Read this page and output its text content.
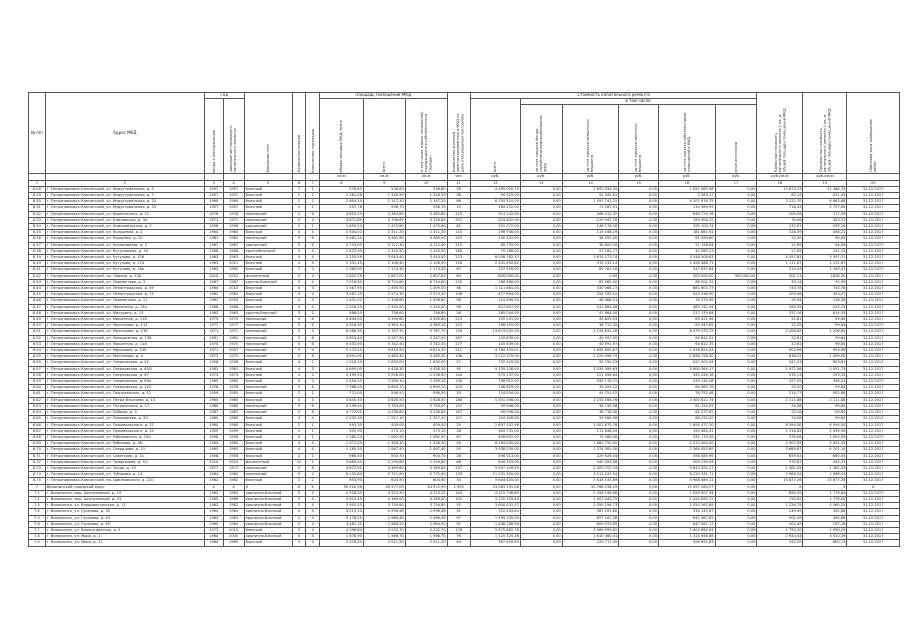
№ п/п	Адрес МКД	Год		Материал стен	Количество этажей	Количество подъездов	Площадь помещений МКД			Количество жителей, зарегистрированных в МКД на дату утверждения программы	Стоимость капитального ремонта						Удельная стоимость капитального ремонта 1 кв. м общей площади помещений МКД	Предельная стоимость капитального ремонта 1 кв. м общей площади помещений МКД	Плановая дата завершения работ

		ввода в эксплуатацию	завершение последнего капитального ремонта				общая площадь МКД, всего	всего	в том числе жилых помещений, находящихся в собственности граждан		всего	в том числе:							

												за счет средств Фонда содействия реформированию ЖКХ	за счет средств областного бюджета	за счет средств местного бюджета	за счет средств собственников помещений в МКД	иные источники			

							кв.м	кв.м	кв.м	чел.	руб.	руб.	руб.	руб.	руб.	руб.	руб./кв.м	руб./кв.м	
1	2	3	4	5	6	7	8	9	10	11	12	13	14	15	16	17	18	19	20
6.28	г. Петропавловск-Камчатский, ул. Индустриальная, д. 5	1957	1957	блочный	2	1	576,60	538,60	538,60	26	4 499 000,33	0,00	2 847 034,35	0,00	1 851 965,98	0,00	12 673,23	21 386,79	31.12.2017
6.29	г. Петропавловск-Камчатский, ул. Индустриальная, д. 7	1957	1957	блочный	2	2	1 561,06	1 326,59	1 326,59	38	94 929,00	0,00	92 345,81	0,00	2 583,17	0,00	62,19	421,49	31.12.2017
6.30	г. Петропавловск-Камчатский, ул. Индустриальная, д. 32	1969	1969	блочный	2	2	2 604,10	2 147,20	2 147,20	66	6 705 510,00	0,00	2 597 743,25	0,00	4 107 976,75	0,00	3 122,70	6 663,88	31.12.2017
6.31	г. Петропавловск-Камчатский, ул. Индустриальная, д. 33	1957	1957	блочный	2	1	297,76	256,70	256,70	15	184 252,00	0,00	73 262,91	0,00	110 989,09	0,00	716,43	2 727,64	31.12.2017
6.32	г. Петропавловск-Камчатский, ул. Карпинского, д. 12	1976	1976	панельный	5	6	4 893,29	4 363,80	3 482,80	215	913 142,00	0,00	266 412,32	0,00	646 729,76	0,00	209,26	717,09	31.12.2017
6.33	г. Петропавловск-Камчатский, ул. Ключевская, д. 34	1971	1971	панельный	5	4	3 871,89	3 796,69	3 356,60	207	324 452,00	0,00	129 547,78	0,00	194 904,22	0,00	76,06	303,37	31.12.2017
6.34	г. Петропавловск-Камчатский, ул. Комсомольская, д. 2	1956	1956	кирпичный	2	1	1 659,20	1 470,80	1 470,80	62	341 272,00	0,00	146 176,26	0,00	195 100,74	0,00	231,91	295,26	31.12.2017
6.35	г. Петропавловск-Камчатский, ул. Кольцевая, д. 2	1964	1964	блочный	4	4	2 504,02	2 311,20	2 311,20	114	296 936,00	0,00	115 048,29	0,00	181 887,61	0,00	128,39	458,21	31.12.2017
6.36	г. Петропавловск-Камчатский, ул. Королёва, д. 20	1981	1981	панельный	5	6	4 481,10	4 485,90	4 485,90	225	100 452,00	0,00	38 552,40	0,00	61 399,60	0,00	22,50	99,84	31.12.2017
6.37	г. Петропавловск-Камчатский, ул. Космонавтов, д. 3	1967	1967	кирпичный	5	6	4 723,00	4 112,40	4 112,40	219	89 759,00	0,00	38 600,16	0,00	51 158,84	0,00	21,69	94,06	31.12.2017
6.38	г. Петропавловск-Камчатский, ул. Кутузовская, д. 34	1968	1968	крупноблочный	5	4	2 637,90	2 325,50	2 325,50	160	70 168,00	0,00	27 182,77	0,00	42 985,23	0,00	27,69	101,15	31.12.2017
6.39	г. Петропавловск-Камчатский, ул. Кутузова, д. 126	1963	1963	блочный	4	4	3 255,56	3 043,40	3 043,40	223	6 058 782,37	0,00	3 619 273,74	0,00	3 548 508,63	0,00	4 597,81	5 397,51	31.12.2017
6.40	г. Петропавловск-Камчатский, ул. Кутузова, д. 174	1963	2011	блочный	4	4	2 331,45	2 106,40	2 106,40	118	2 341 650,82	0,00	915 233,14	0,00	1 426 388,71	0,00	1 111,67	1 111,67	31.12.2017
6.41	г. Петропавловск-Камчатский, ул. Кутузова, д. 18а	1962	1962	блочный	2	2	1 383,90	1 174,30	1 174,30	67	337 599,00	0,00	89 761,16	0,00	247 837,84	0,00	215,43	1 163,47	31.12.2017
6.42	г. Петропавловск-Камчатский, пр. Ларина, д. 22б	2010	2010	монолитный	5	4	2 652,28	2 657,00	2 657,00	84	800 000,00	0,00	0,00	0,00	300 000,00	500 000,00	301,11	1826,30	31.12.2017
6.43	г. Петропавловск-Камчатский, ул. Лермонтова, д. 3	1987	1987	крупно-блочный	5	4	7 018,60	6 724,80	6 724,80	255	168 486,00	0,00	65 985,00	0,00	66 501,32	0,00	35,14	92,99	31.12.2017
6.44	г. Петропавловск-Камчатский, ул. Ленинградская, д. 39	1964	2010	блочный	4	3	1 567,95	1 495,50	1 495,50	96	1 111 681,00	0,00	430 068,27	0,00	681 603,73	0,00	743,78	743,78	31.12.2017
6.45	г. Петропавловск-Камчатский, ул. Ленинградская, д. 74	1962	1962	блочный	4	4	3 067,15	2 574,30	2 574,30	198	677 894,00	0,00	254 355,10	0,00	423 538,90	0,00	209,98	303,07	31.12.2017
6.46	г. Петропавловск-Камчатский, ул. Лермонтова, д. 11	1961	2009	блочный	4	4	1 431,02	1 308,60	1 308,60	96	124 856,00	0,00	48 368,01	0,00	76 475,99	0,00	95,94	118,28	31.12.2017
6.47	г. Петропавловск-Камчатский, ул. Мишенная, д. 74а	1968	1968	блочный	4	4	2 526,10	2 330,00	2 330,00	96	627 607,00	0,00	141 864,06	0,00	485 742,94	0,00	269,35	515,22	31.12.2017
6.48	г. Петропавловск-Камчатский, ул. Мичурина, д. 13	1963	1963	крупно-блочный	3	2	886,50	756,60	756,60	58	265 044,00	0,00	47 864,00	0,00	217 179,84	0,00	337,16	614,55	31.12.2017
6.49	г. Петропавловск-Камчатский, ул. Мишенная, д. 118	1979	1979	панельный	5	6	4 844,00	4 390,60	4 390,60	223	109 251,00	0,00	39 829,03	0,00	69 421,96	0,00	22,81	99,84	31.12.2017
6.50	г. Петропавловск-Камчатский, ул. Молчанова, д. 112	1977	1977	панельный	5	6	4 918,30	4 363,10	4 363,10	225	108 355,00	0,00	38 711,35	0,00	69 343,65	0,00	22,55	99,84	31.12.2017
6.51	г. Петропавловск-Камчатский, ул. Молчанова, д. 136	1971	1971	панельный	5	4	6 066,30	5 767,70	5 767,70	139	13 674 032,00	0,00	5 194 832,28	0,00	8 479 479,72	0,00	2 206,62	2 206,62	31.12.2017
6.52	г. Петропавловск-Камчатский, ул. Молодежная, д. 138	1981	1981	панельный	5	6	4 623,40	4 247,50	4 247,50	267	105 839,00	0,00	40 997,00	0,00	64 841,51	0,00	22,81	99,84	31.12.2017
6.53	г. Петропавловск-Камчатский, ул. Мишенная, д. 118	1975	1975	панельный	5	6	4 433,90	3 742,40	3 742,40	277	105 839,00	0,00	40 591,97	0,00	64 622,35	0,00	22,81	99,84	31.12.2017
6.54	г. Петропавловск-Камчатский, ул. Мирошева, д. 130	1971	2007	панельный	5	4	5 272,55	4 834,50	4 814,30	211	4 764 439,01	0,00	1 845 695,87	0,00	2 918 624,93	0,00	903,96	903,96	31.12.2017
6.55	г. Петропавловск-Камчатский, ул. Молчанова, д. 4	1972	1972	панельный	5	6	4 891,00	4 485,30	4 485,30	136	3 122 379,00	0,00	1 225 096,70	0,00	1 896 728,30	0,00	638,25	1 009,00	31.12.2017
6.56	г. Петропавловск-Камчатский, ул. Озерновская, д. 52	1958	1958	блочный	4	2	1 918,20	1 630,00	1 630,00	57	732 429,00	0,00	93 750,33	0,00	622 902,44	0,00	447,23	853,81	31.12.2017
6.57	г. Петропавловск-Камчатский, ул. Озерновская, д. 63/1	1981	1981	блочный	4	3	4 695,00	4 426,30	4 426,30	90	9 139 228,00	0,00	3 539 399,63	0,00	5 600 364,17	0,00	1 972,56	2 051,73	31.12.2017
6.58	г. Петропавловск-Камчатский, ул. Озерновская, д. 67	1973	1973	блочный	4	2	2 499,20	2 258,00	2 258,00	144	575 137,00	0,00	221 556,84	0,00	350 026,16	0,00	235,13	293,33	31.12.2017
6.59	г. Петропавловск-Камчатский, ул. Озерновская, д. 69а	1965	1965	блочный	4	2	2 454,20	2 289,10	2 289,10	130	758 912,00	0,00	339 176,72	0,00	419 135,28	0,00	327,05	398,24	31.12.2017
6.60	г. Петропавловск-Камчатский, ул. Озерновская, д. 102	1978	1978	панельный	5	6	7 366,20	4 690,70	4 690,70	223	108 829,00	0,00	39 459,22	0,00	69 369,78	0,00	23,20	99,84	31.12.2017
6.61	г. Петропавловск-Камчатский, ул. Партизанская, д. 12	1959	1959	блочный	2	1	722,00	596,50	596,50	33	124 504,00	0,00	45 751,52	0,00	78 752,48	0,00	214,77	502,88	31.12.2017
6.62	г. Петропавловск-Камчатский, ул. Петра Ильичева, д. 15	1965	1965	блочный	4	4	3 845,30	2 628,50	2 628,50	186	5 551 058,00	0,00	2 150 166,76	0,00	3 400 622,74	0,00	2 111,88	2 111,88	31.12.2017
6.63	г. Петропавловск-Камчатский, ул. Пограничная, д. 17	1980	1980	панельный	5	6	4 296,40	3 793,00	3 793,00	197	99 996,00	0,00	38 740,08	0,00	61 255,92	0,00	26,36	99,84	31.12.2017
6.64	г. Петропавловск-Камчатский, ул. Победы, д. 5	1987	1987	панельный	5	6	4 772,00	4 236,60	4 236,60	167	99 996,00	0,00	38 718,06	0,00	61 277,62	0,00	23,16	99,84	31.12.2017
6.65	г. Петропавловск-Камчатский, ул. Пономарёва, д. 33	1980	1980	блочный	4	4	2 205,30	1 927,10	1 927,10	107	144 456,00	0,00	55 996,58	0,00	88 255,42	0,00	74,96	99,84	31.12.2017
6.66	г. Петропавловск-Камчатский, ул. Пржевальского, д. 21	1960	1960	блочный	2	1	493,30	409,00	409,00	20	2 697 152,96	0,00	1 001 675,76	0,00	1 695 477,20	0,00	6 594,50	6 594,50	31.12.2017
6.67	г. Петропавловск-Камчатский, ул. Пржевальского, д. 21	1959	1959	блочный	2	1	305,90	273,10	273,10	26	304 731,00	0,00	113 648,59	0,00	190 084,41	0,00	1 116,83	2 439,94	31.12.2017
6.68	г. Петропавловск-Камчатский, ул. Рябиковская, д. 19а	1958	1958	блочный	4	1	1 180,24	1 062,50	1 062,50	67	406 652,00	0,00	75 466,08	0,00	331 179,42	0,00	378,06	1 003,93	31.12.2017
6.69	г. Петропавловск-Камчатский, ул. Рябикова, д. 48	1964	1964	блочный	4	4	1 372,30	1 308,30	1 308,30	55	6 184 000,00	0,00	1 882 750,00	0,00	2 312 400,00	0,00	2 902,93	2 902,93	31.12.2017
6.70	г. Петропавловск-Камчатский, ул. Свердлова, д. 10	1965	1965	блочный	4	4	1 165,30	1 067,40	1 067,40	50	3 938 539,00	0,00	1 574 305,30	0,00	2 364 053,89	0,00	3 689,67	4 702,14	31.12.2017
6.71	г. Петропавловск-Камчатский, ул. Советская, д. 21	1958	1958	блочный	2	1	986,40	903,70	903,70	26	596 013,00	0,00	229 926,04	0,00	356 085,96	0,00	659,52	660,05	31.12.2017
6.72	г. Петропавловск-Камчатский, ул. Тимирязева, д. 3/1	2010	2010	монолитный	10	1	3 689,00	2 299,80	2 299,80	68	849 333,00	0,00	340 093,96	0,00	509 239,04	0,00	370,87	445,33	31.12.2017
6.73	г. Петропавловск-Камчатский, ул. Труда, д. 19	1977	1977	панельный	5	6	4 872,90	4 369,60	4 369,60	237	5 947 109,55	0,00	2 303 757,34	0,00	3 643 352,21	0,00	1 361,03	1 361,03	31.12.2017
6.74	г. Петропавловск-Камчатский, ул. Чубарова, д. 14	1984	1984	панельный	9	2	6 132,80	5 721,90	5 772,90	139	11 231 350,00	0,00	3 011 231,54	0,00	8 220 331,71	0,00	2 968,54	2 968,54	31.12.2017
6.75	г. Петропавловск-Камчатский, пр. Циолковского, д. 120	1962	1962	блочный	2	2	653,90	604,90	604,90	34	9 604 635,00	0,00	3 616 145,89	0,00	5 988 489,11	0,00	15 877,26	15 877,26	31.12.2017
7	Вилючинский городской округ	X	X	X	X	X	50 520,08	45 577,09	44 972,99	1 955	23 063 291,06	0,00	20 768 198,29	0,00	15 097 284,27	0,00	X	X	X
7.1	г. Вилючинск, мкр. Центральный, д. 19	1963	1963	кирпично-блочный	5	4	4 528,30	4 223,20	4 223,20	144	4 115 706,60	0,00	2 456 198,66	0,00	1 659 507,94	0,00	890,32	1 779,80	31.12.2017
7.2	г. Вилючинск, мкр. Центральный, д. 23	1965	1966	кирпично-блочный	5	4	4 623,40	4 169,00	4 169,00	101	3 332 333,40	0,00	1 907 443,75	0,00	1 424 890,72	0,00	720,62	1 779,80	31.12.2017
7.3	г. Вилючинск, ул. Владивостокская, д. 11	1962	1962	кирпично-блочный	5	4	3 903,33	3 734,60	3 734,60	92	3 600 031,37	0,00	2 050 194,73	0,00	1 550 161,69	0,00	1 226,75	1 560,25	31.12.2017
7.4	г. Вилючинск, ул. Гусарова, д. 33	1964	1964	кирпично-блочный	5	4	3 213,10	2 996,48	2 996,48	91	722 443,84	0,00	387 297,80	0,00	335 145,87	0,00	249,49	392,66	31.12.2017
7.5	г. Вилючинск, ул. Гусарова, д. 43	1963	1963	кирпично-блочный	5	4	3 178,20	2 986,40	2 986,40	97	1 499 135,00	0,00	857 167,38	0,00	641 967,62	0,00	501,99	394,66	31.12.2017
7.6	г. Вилючинск, ул. Гусарова, д. 45	1964	1964	кирпично-блочный	5	4	3 481,20	2 988,20	2 984,90	91	1 448 188,56	0,00	800 973,65	0,00	647 567,11	0,00	501,49	297,18	31.12.2017
7.7	г. Вилючинск, ул. Кронштадтская, д. 9	1972	2015	блочный	5	4	4 096,60	4 232,70	4 232,70	176	5 675 882,76	0,00	3 069 999,82	0,00	2 605 882,94	0,00	1 750,20	1 959,29	31.12.2017
7.8	г. Вилючинск, ул. Мира, д. 1	1960	2000	кирпично-блочный	5	4	1 678,90	1 566,70	1 566,70	76	1 125 325,38	0,00	1 610 460,41	0,00	1 314 658,88	0,00	2 634,43	3 510,39	31.12.2017
7.9	г. Вилючинск, ул. Мира, д. 11	1964	1965	блочный	4	4	2 378,20	2 011,20	2 011,20	63	387 409,44	0,00	229 717,39	0,00	206 691,83	0,00	192,20	600,13	31.12.2017
